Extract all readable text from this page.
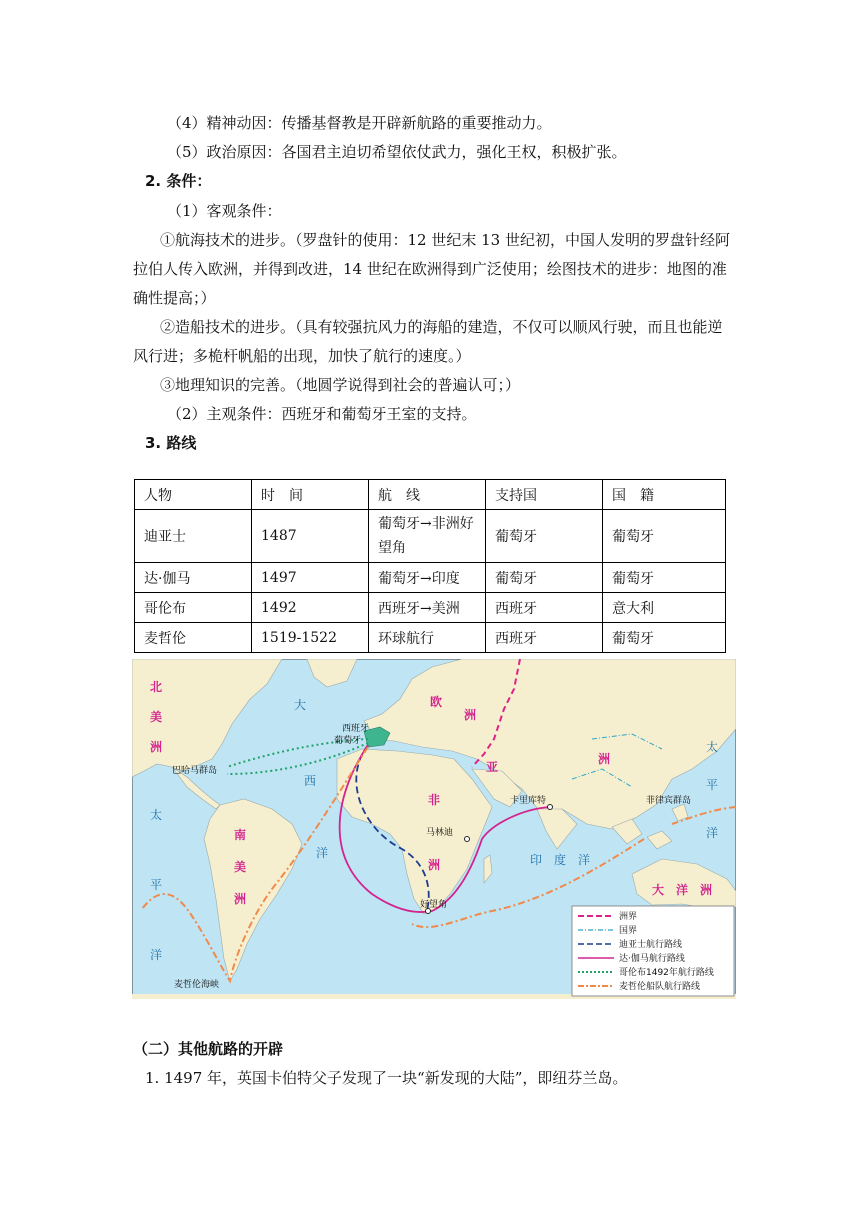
（4）精神动因：传播基督教是开辟新航路的重要推动力。
（5）政治原因：各国君主迫切希望依仗武力，强化王权，积极扩张。
2. 条件：
（1）客观条件：
①航海技术的进步。（罗盘针的使用：12 世纪末 13 世纪初，中国人发明的罗盘针经阿
拉伯人传入欧洲，并得到改进，14 世纪在欧洲得到广泛使用；绘图技术的进步：地图的准
确性提高；）
②造船技术的进步。（具有较强抗风力的海船的建造，不仅可以顺风行驶，而且也能逆
风行进；多桅杆帆船的出现，加快了航行的速度。）
③地理知识的完善。（地圆学说得到社会的普遍认可；）
（2）主观条件：西班牙和葡萄牙王室的支持。
3. 路线
人物	时　间	航　线	支持国	国　籍
迪亚士	1487	葡萄牙→非洲好望角	葡萄牙	葡萄牙
达·伽马	1497	葡萄牙→印度	葡萄牙	葡萄牙
哥伦布	1492	西班牙→美洲	西班牙	意大利
麦哲伦	1519-1522	环球航行	西班牙	葡萄牙
北
美
洲
南
美
洲
非
洲
欧
洲
亚
洲
大　洋　洲
大
西
洋
太
平
洋
太
平
洋
印　度　洋
西班牙
葡萄牙
巴哈马群岛
卡里库特
马林迪
好望角
菲律宾群岛
麦哲伦海峡
洲界
国界
迪亚士航行路线
达·伽马航行路线
哥伦布1492年航行路线
麦哲伦船队航行路线
（二）其他航路的开辟
1. 1497 年，英国卡伯特父子发现了一块“新发现的大陆”，即纽芬兰岛。
